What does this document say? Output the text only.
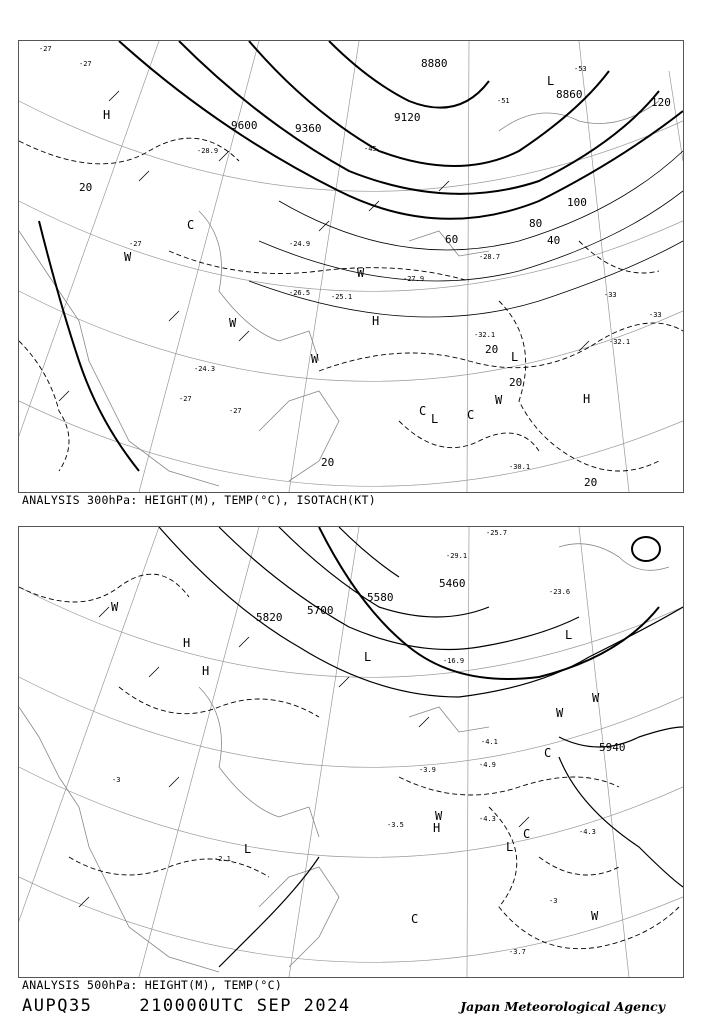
9600	9360
9120
8880
8860
120
100
80
60	40
20
20
20
20
20
H
H
H
L
L
L
C
C	C
W
W
W
W
W
-27
-27
-27
-27
-27
-27.9
-24.3
-25.1
-28.9
-32.1
-32.1
-30.1
-33
-33
-28.7
-26.5
-24.9
-51
-53
-45
ANALYSIS 300hPa: HEIGHT(M), TEMP(°C), ISOTACH(KT)
5820
5700
5580
5460
5940
H
H
H
L
L
L	L
C
C
C
W
W
W
W
W
-3
-3
-4.3
-4.3
-3.7
-4.1
-3.5
-2.1
-16.9
-29.1
-25.7
-23.6
-4.9
-3.9
ANALYSIS 500hPa: HEIGHT(M), TEMP(°C)
AUPQ35	210000UTC SEP 2024	Japan Meteorological Agency
